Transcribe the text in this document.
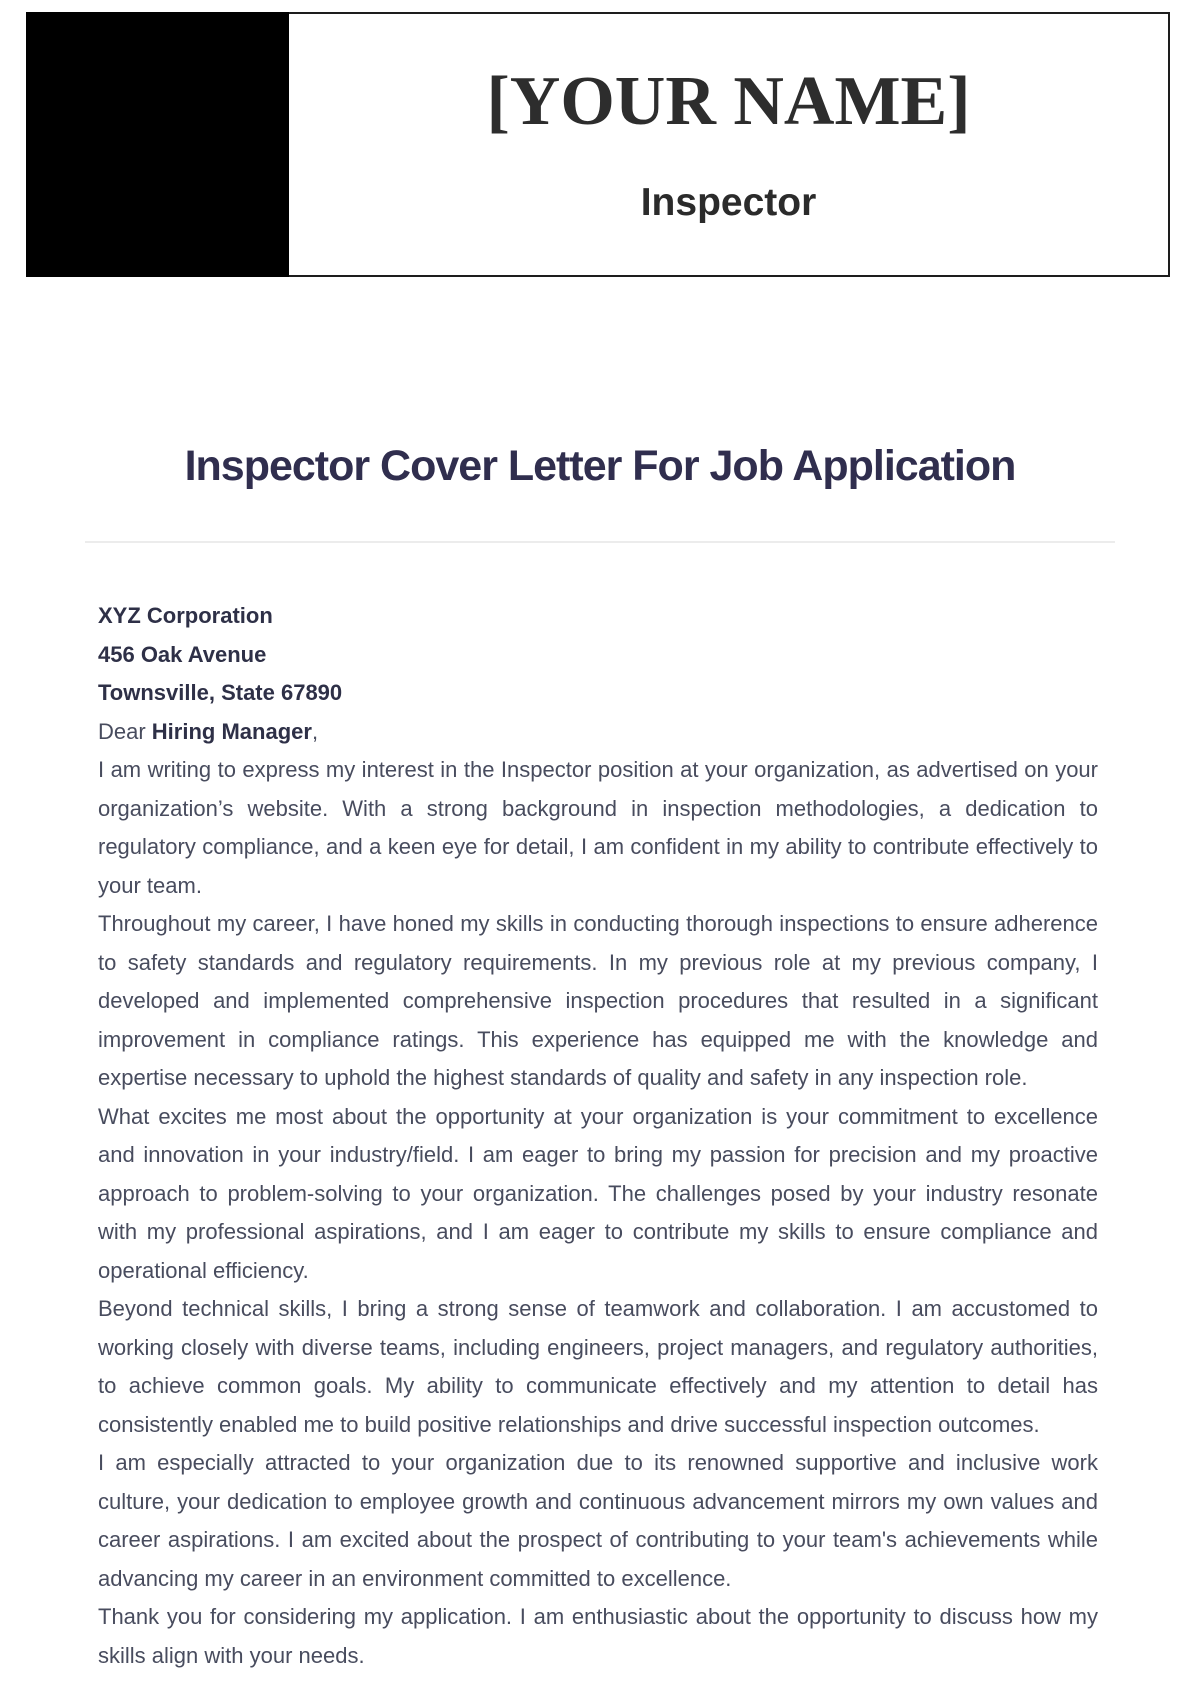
[YOUR NAME]
Inspector
Inspector Cover Letter For Job Application

XYZ Corporation

456 Oak Avenue

Townsville, State 67890

Dear Hiring Manager,

I am writing to express my interest in the Inspector position at your organization, as advertised on your organization’s website. With a strong background in inspection methodologies, a dedication to regulatory compliance, and a keen eye for detail, I am confident in my ability to contribute effectively to your team.

Throughout my career, I have honed my skills in conducting thorough inspections to ensure adherence to safety standards and regulatory requirements. In my previous role at my previous company, I developed and implemented comprehensive inspection procedures that resulted in a significant improvement in compliance ratings. This experience has equipped me with the knowledge and expertise necessary to uphold the highest standards of quality and safety in any inspection role.

What excites me most about the opportunity at your organization is your commitment to excellence and innovation in your industry/field. I am eager to bring my passion for precision and my proactive approach to problem-solving to your organization. The challenges posed by your industry resonate with my professional aspirations, and I am eager to contribute my skills to ensure compliance and operational efficiency.

Beyond technical skills, I bring a strong sense of teamwork and collaboration. I am accustomed to working closely with diverse teams, including engineers, project managers, and regulatory authorities, to achieve common goals. My ability to communicate effectively and my attention to detail has consistently enabled me to build positive relationships and drive successful inspection outcomes.

I am especially attracted to your organization due to its renowned supportive and inclusive work culture, your dedication to employee growth and continuous advancement mirrors my own values and career aspirations. I am excited about the prospect of contributing to your team's achievements while advancing my career in an environment committed to excellence.

Thank you for considering my application. I am enthusiastic about the opportunity to discuss how my skills align with your needs.
